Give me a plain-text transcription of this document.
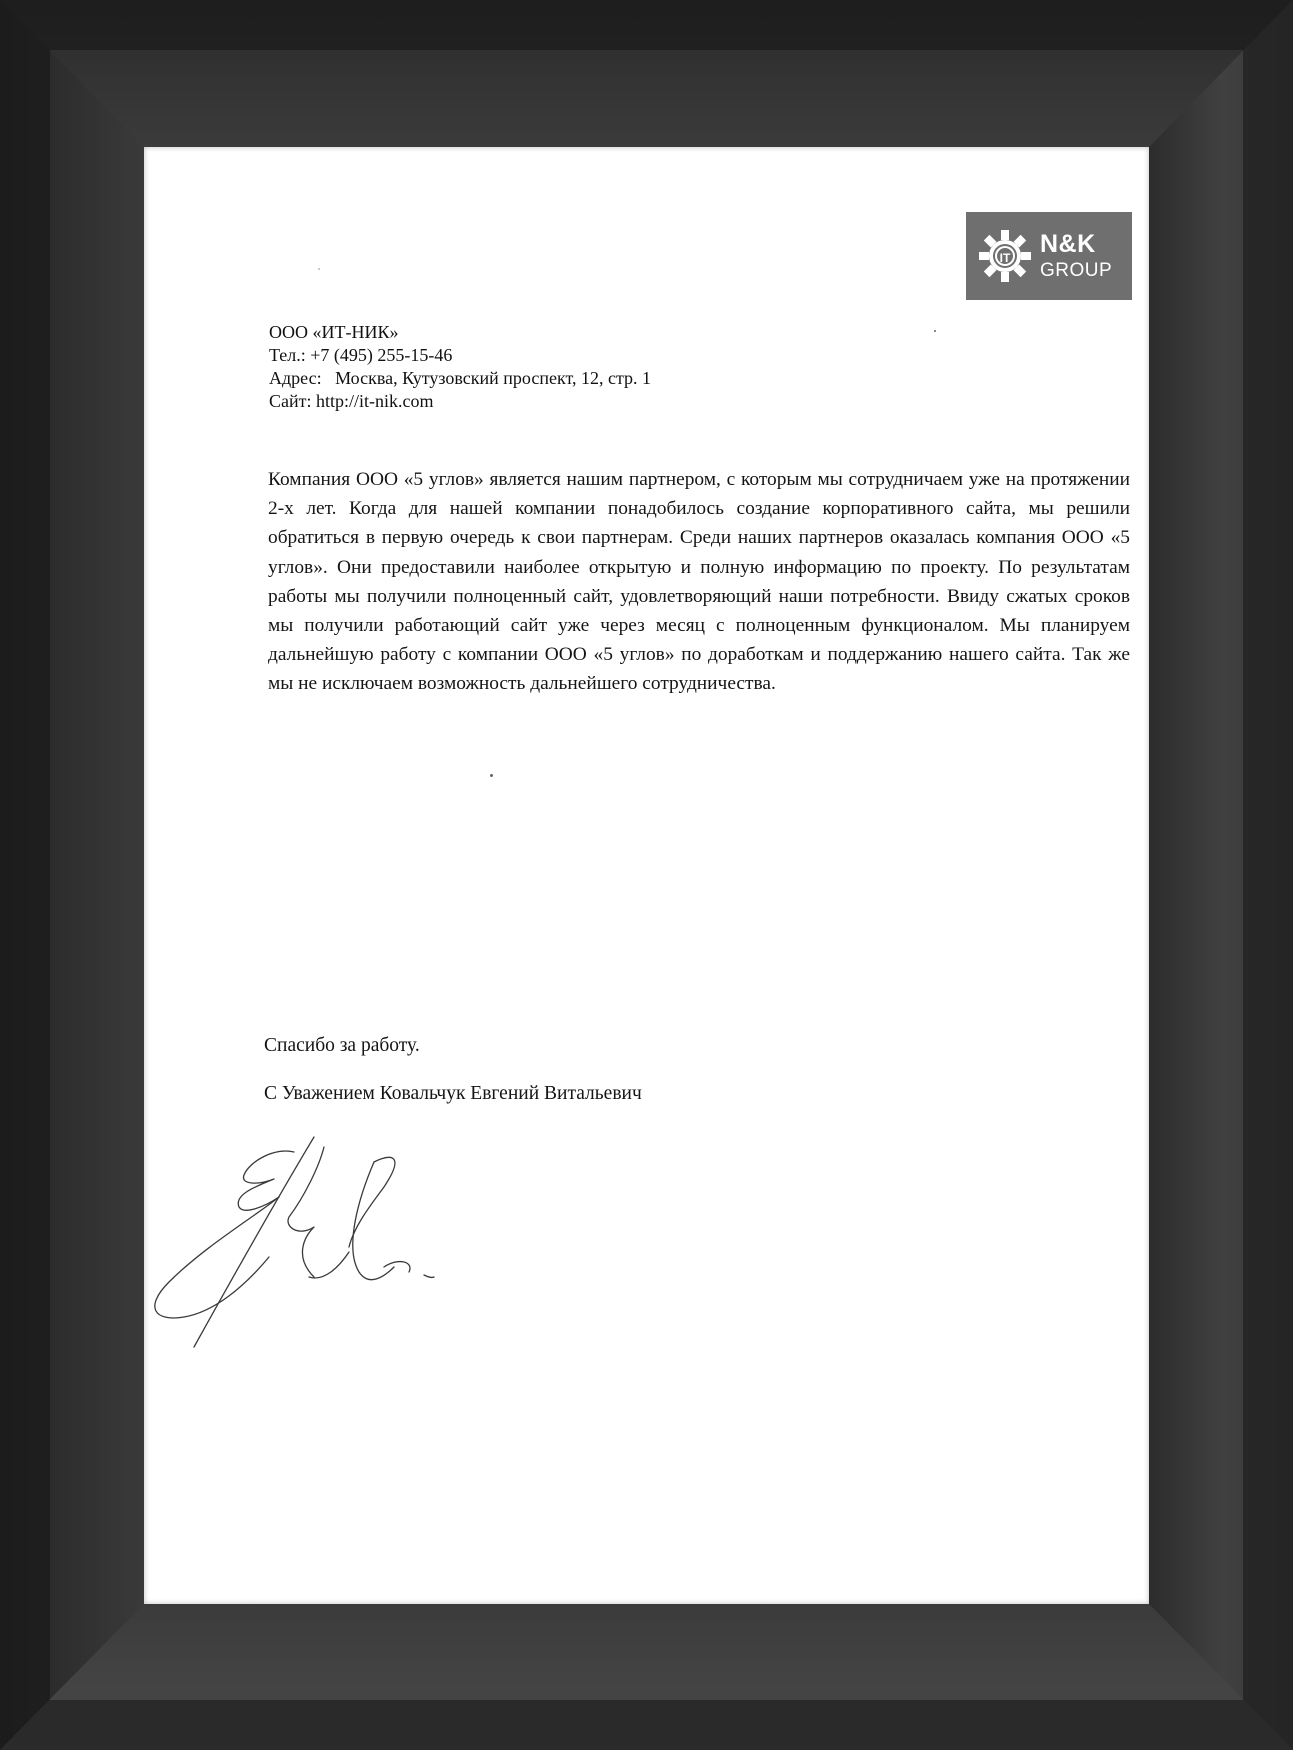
IT N&K
GROUP
ООО «ИТ-НИК»
Тел.: +7 (495) 255-15-46
Адрес: Москва, Кутузовский проспект, 12, стр. 1
Сайт: http://it-nik.com
Компания ООО «5 углов» является нашим партнером, с которым мы сотрудничаем уже на протяжении 2-х лет. Когда для нашей компании понадобилось создание корпоративного сайта, мы решили обратиться в первую очередь к свои партнерам. Среди наших партнеров оказалась компания ООО «5 углов». Они предоставили наиболее открытую и полную информацию по проекту. По результатам работы мы получили полноценный сайт, удовлетворяющий наши потребности. Ввиду сжатых сроков мы получили работающий сайт уже через месяц с полноценным функционалом. Мы планируем дальнейшую работу с компании ООО «5 углов» по доработкам и поддержанию нашего сайта. Так же мы не исключаем возможность дальнейшего сотрудничества.
Спасибо за работу.
С Уважением Ковальчук Евгений Витальевич
